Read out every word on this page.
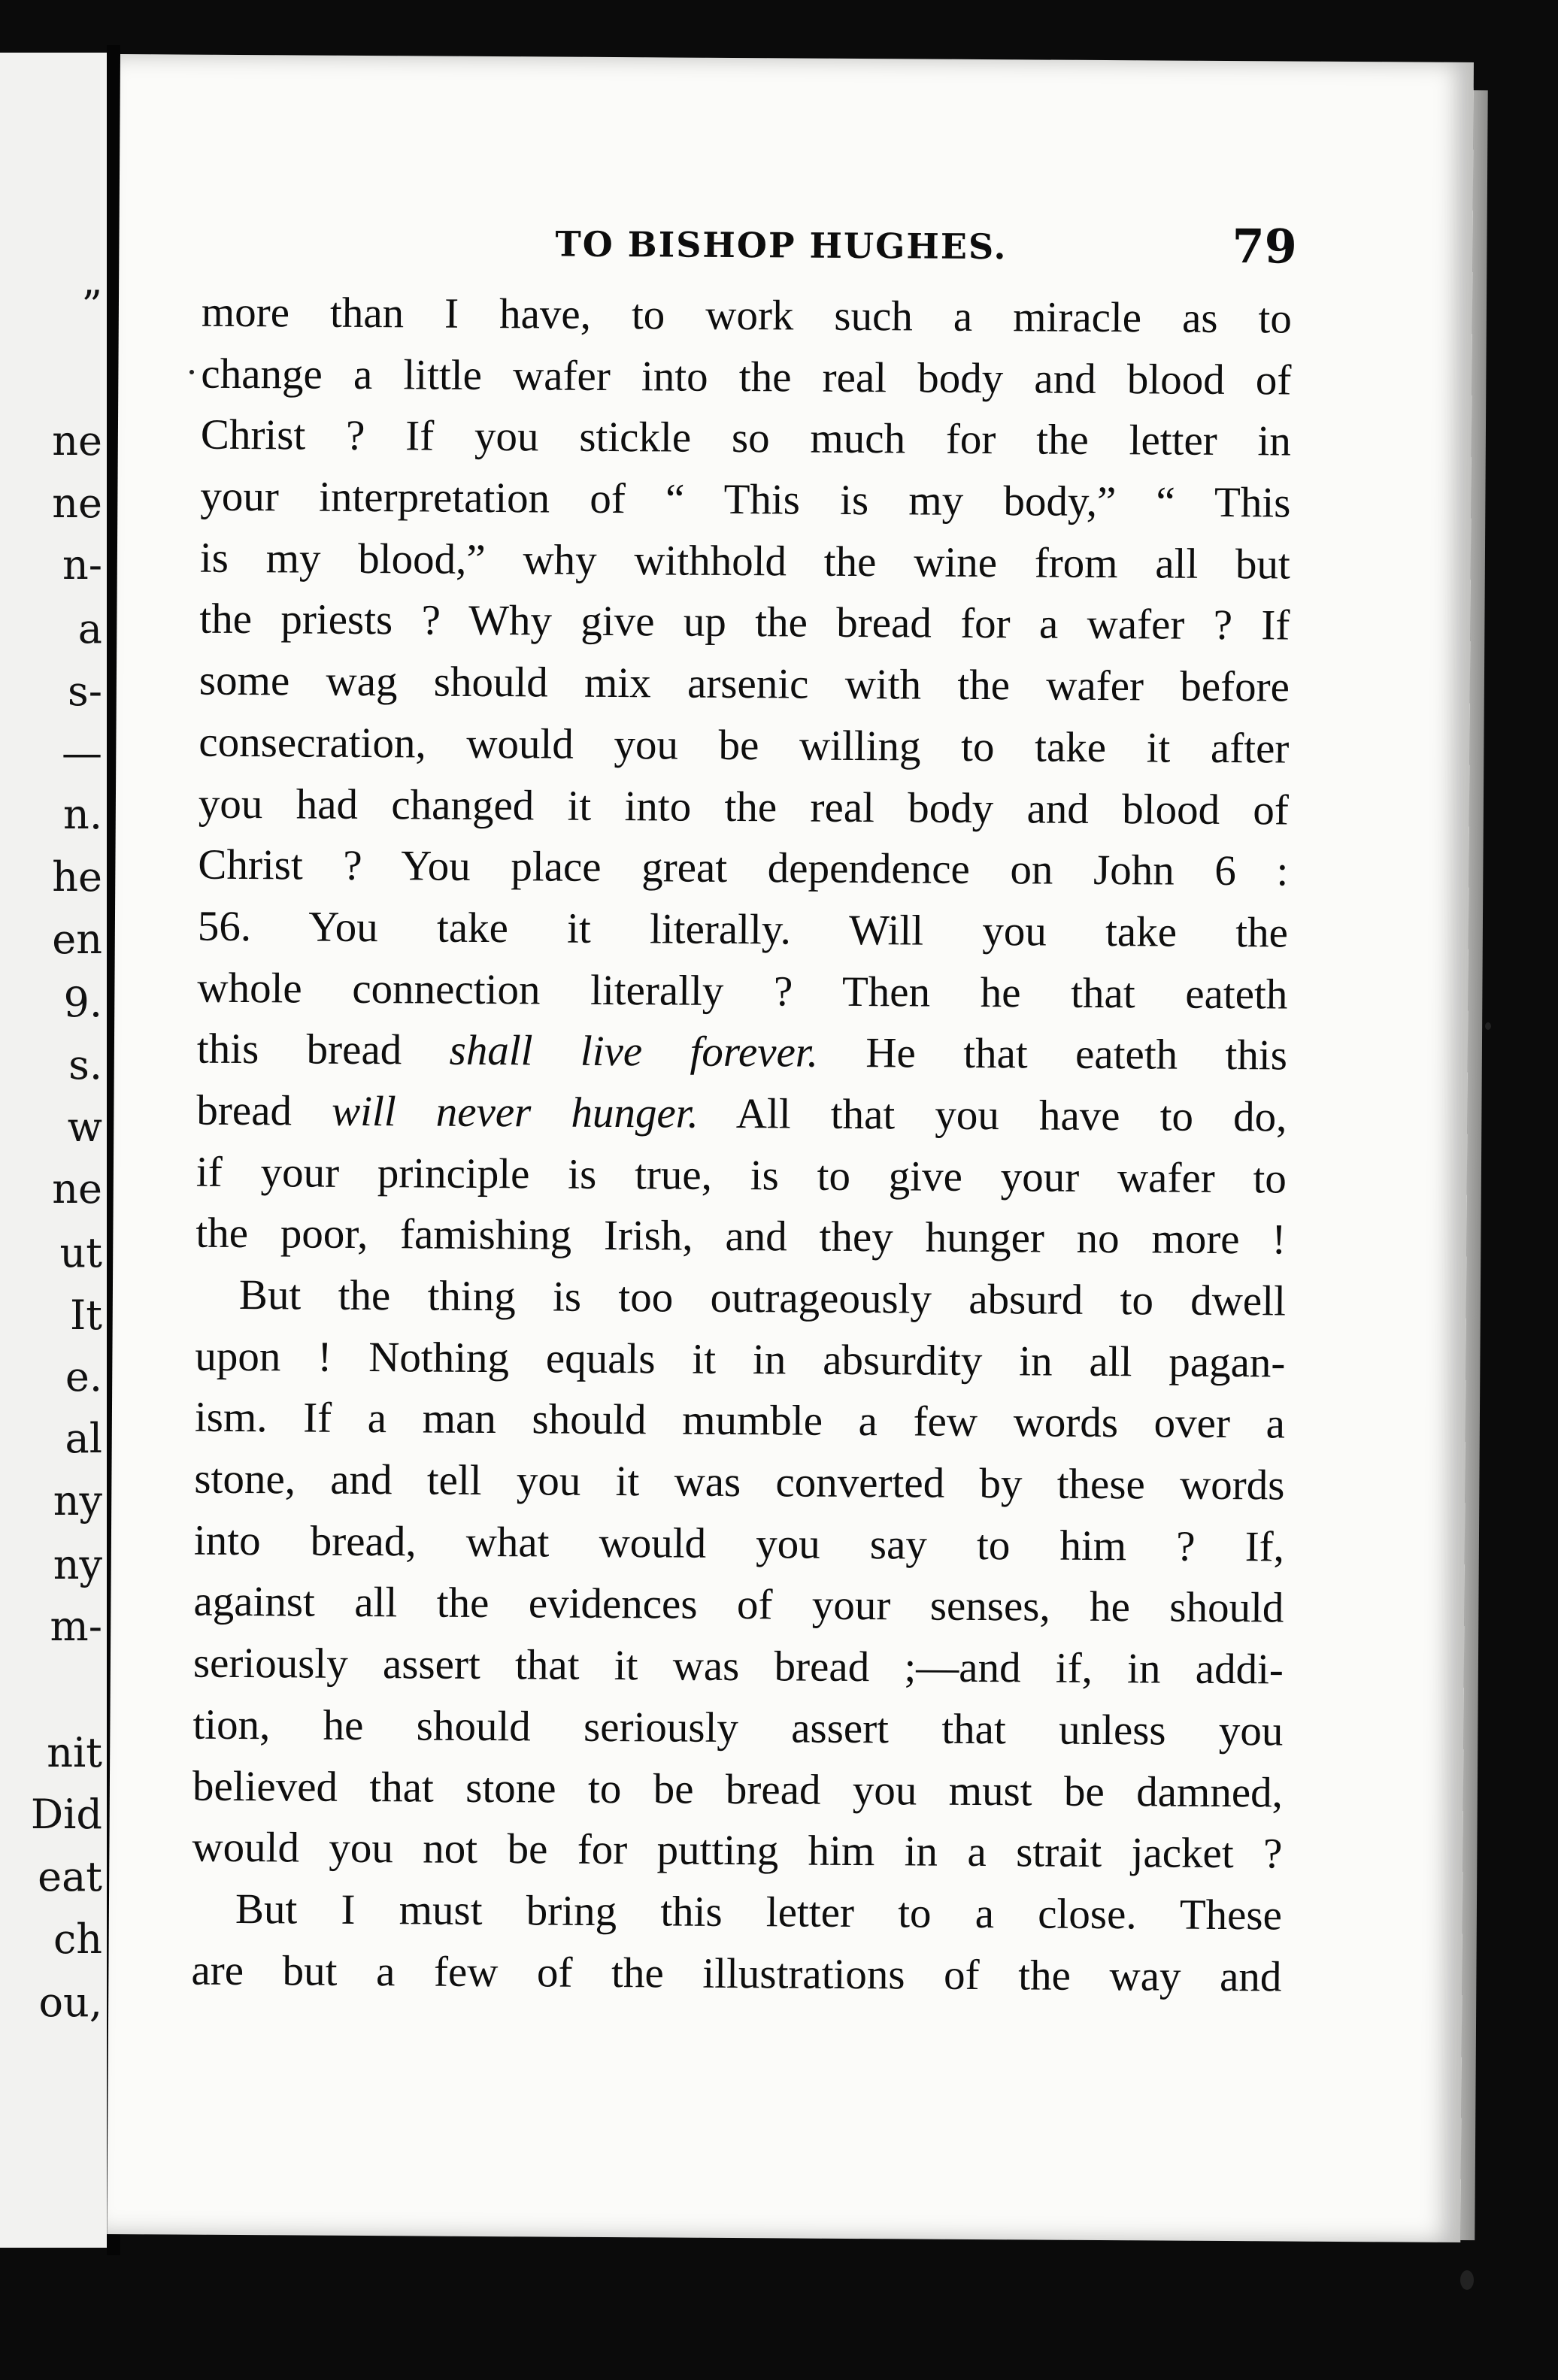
”
ne
ne
n-
a
s-
—
n.
he
en
9.
s.
w
ne
ut
It
e.
al
ny
ny
m-
nit
Did
eat
ch
ou,
TO BISHOP HUGHES.	79
more than I have, to work such a miracle as to
change a little wafer into the real body and blood of
Christ ? If you stickle so much for the letter in
your interpretation of “ This is my body,” “ This
is my blood,” why withhold the wine from all but
the priests ? Why give up the bread for a wafer ? If
some wag should mix arsenic with the wafer before
consecration, would you be willing to take it after
you had changed it into the real body and blood of
Christ ? You place great dependence on John 6 :
56. You take it literally. Will you take the
whole connection literally ? Then he that eateth
this bread shall live forever. He that eateth this
bread will never hunger. All that you have to do,
if your principle is true, is to give your wafer to
the poor, famishing Irish, and they hunger no more !
But the thing is too outrageously absurd to dwell
upon ! Nothing equals it in absurdity in all pagan-
ism. If a man should mumble a few words over a
stone, and tell you it was converted by these words
into bread, what would you say to him ? If,
against all the evidences of your senses, he should
seriously assert that it was bread ;—and if, in addi-
tion, he should seriously assert that unless you
believed that stone to be bread you must be damned,
would you not be for putting him in a strait jacket ?
But I must bring this letter to a close. These
are but a few of the illustrations of the way and
